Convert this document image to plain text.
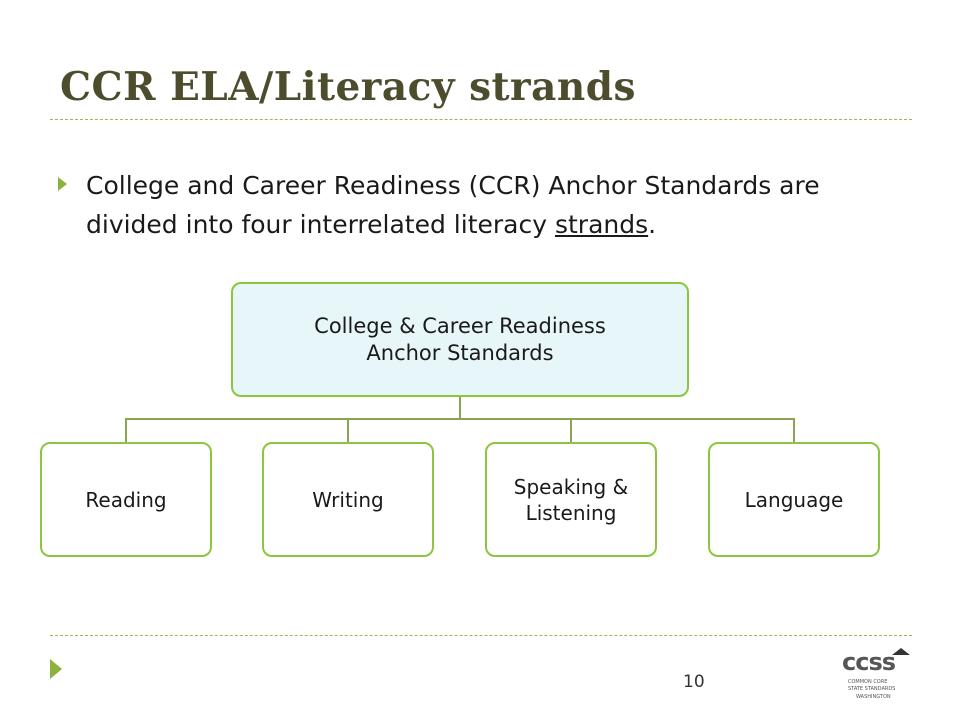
CCR ELA/Literacy strands
College and Career Readiness (CCR) Anchor Standards are divided into four interrelated literacy strands.
College & Career Readiness Anchor Standards
Reading	Writing
Speaking & Listening
Language
10
ccss
COMMON CORE
STATE STANDARDS
WASHINGTON
